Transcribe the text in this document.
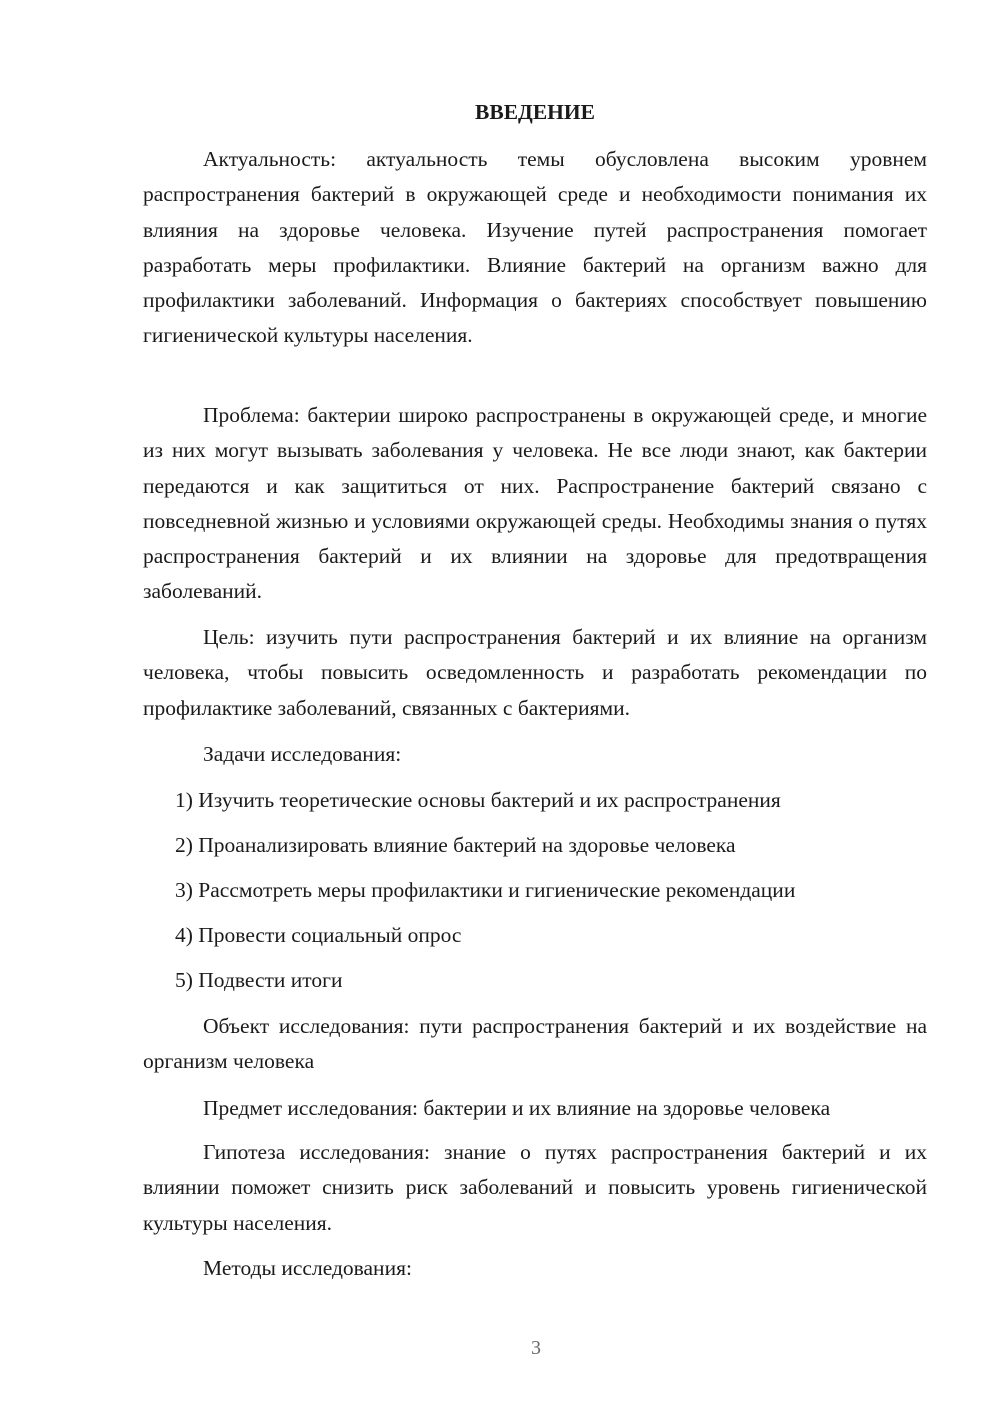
ВВЕДЕНИЕ

Актуальность: актуальность темы обусловлена высоким уровнем распространения бактерий в окружающей среде и необходимости понимания их влияния на здоровье человека. Изучение путей распространения помогает разработать меры профилактики. Влияние бактерий на организм важно для профилактики заболеваний. Информация о бактериях способствует повышению гигиенической культуры населения.

Проблема: бактерии широко распространены в окружающей среде, и многие из них могут вызывать заболевания у человека. Не все люди знают, как бактерии передаются и как защититься от них. Распространение бактерий связано с повседневной жизнью и условиями окружающей среды. Необходимы знания о путях распространения бактерий и их влиянии на здоровье для предотвращения заболеваний.

Цель: изучить пути распространения бактерий и их влияние на организм человека, чтобы повысить осведомленность и разработать рекомендации по профилактике заболеваний, связанных с бактериями.

Задачи исследования:
1) Изучить теоретические основы бактерий и их распространения
2) Проанализировать влияние бактерий на здоровье человека
3) Рассмотреть меры профилактики и гигиенические рекомендации
4) Провести социальный опрос
5) Подвести итоги

Объект исследования: пути распространения бактерий и их воздействие на организм человека

Предмет исследования: бактерии и их влияние на здоровье человека

Гипотеза исследования: знание о путях распространения бактерий и их влиянии поможет снизить риск заболеваний и повысить уровень гигиенической культуры населения.

Методы исследования:
3
